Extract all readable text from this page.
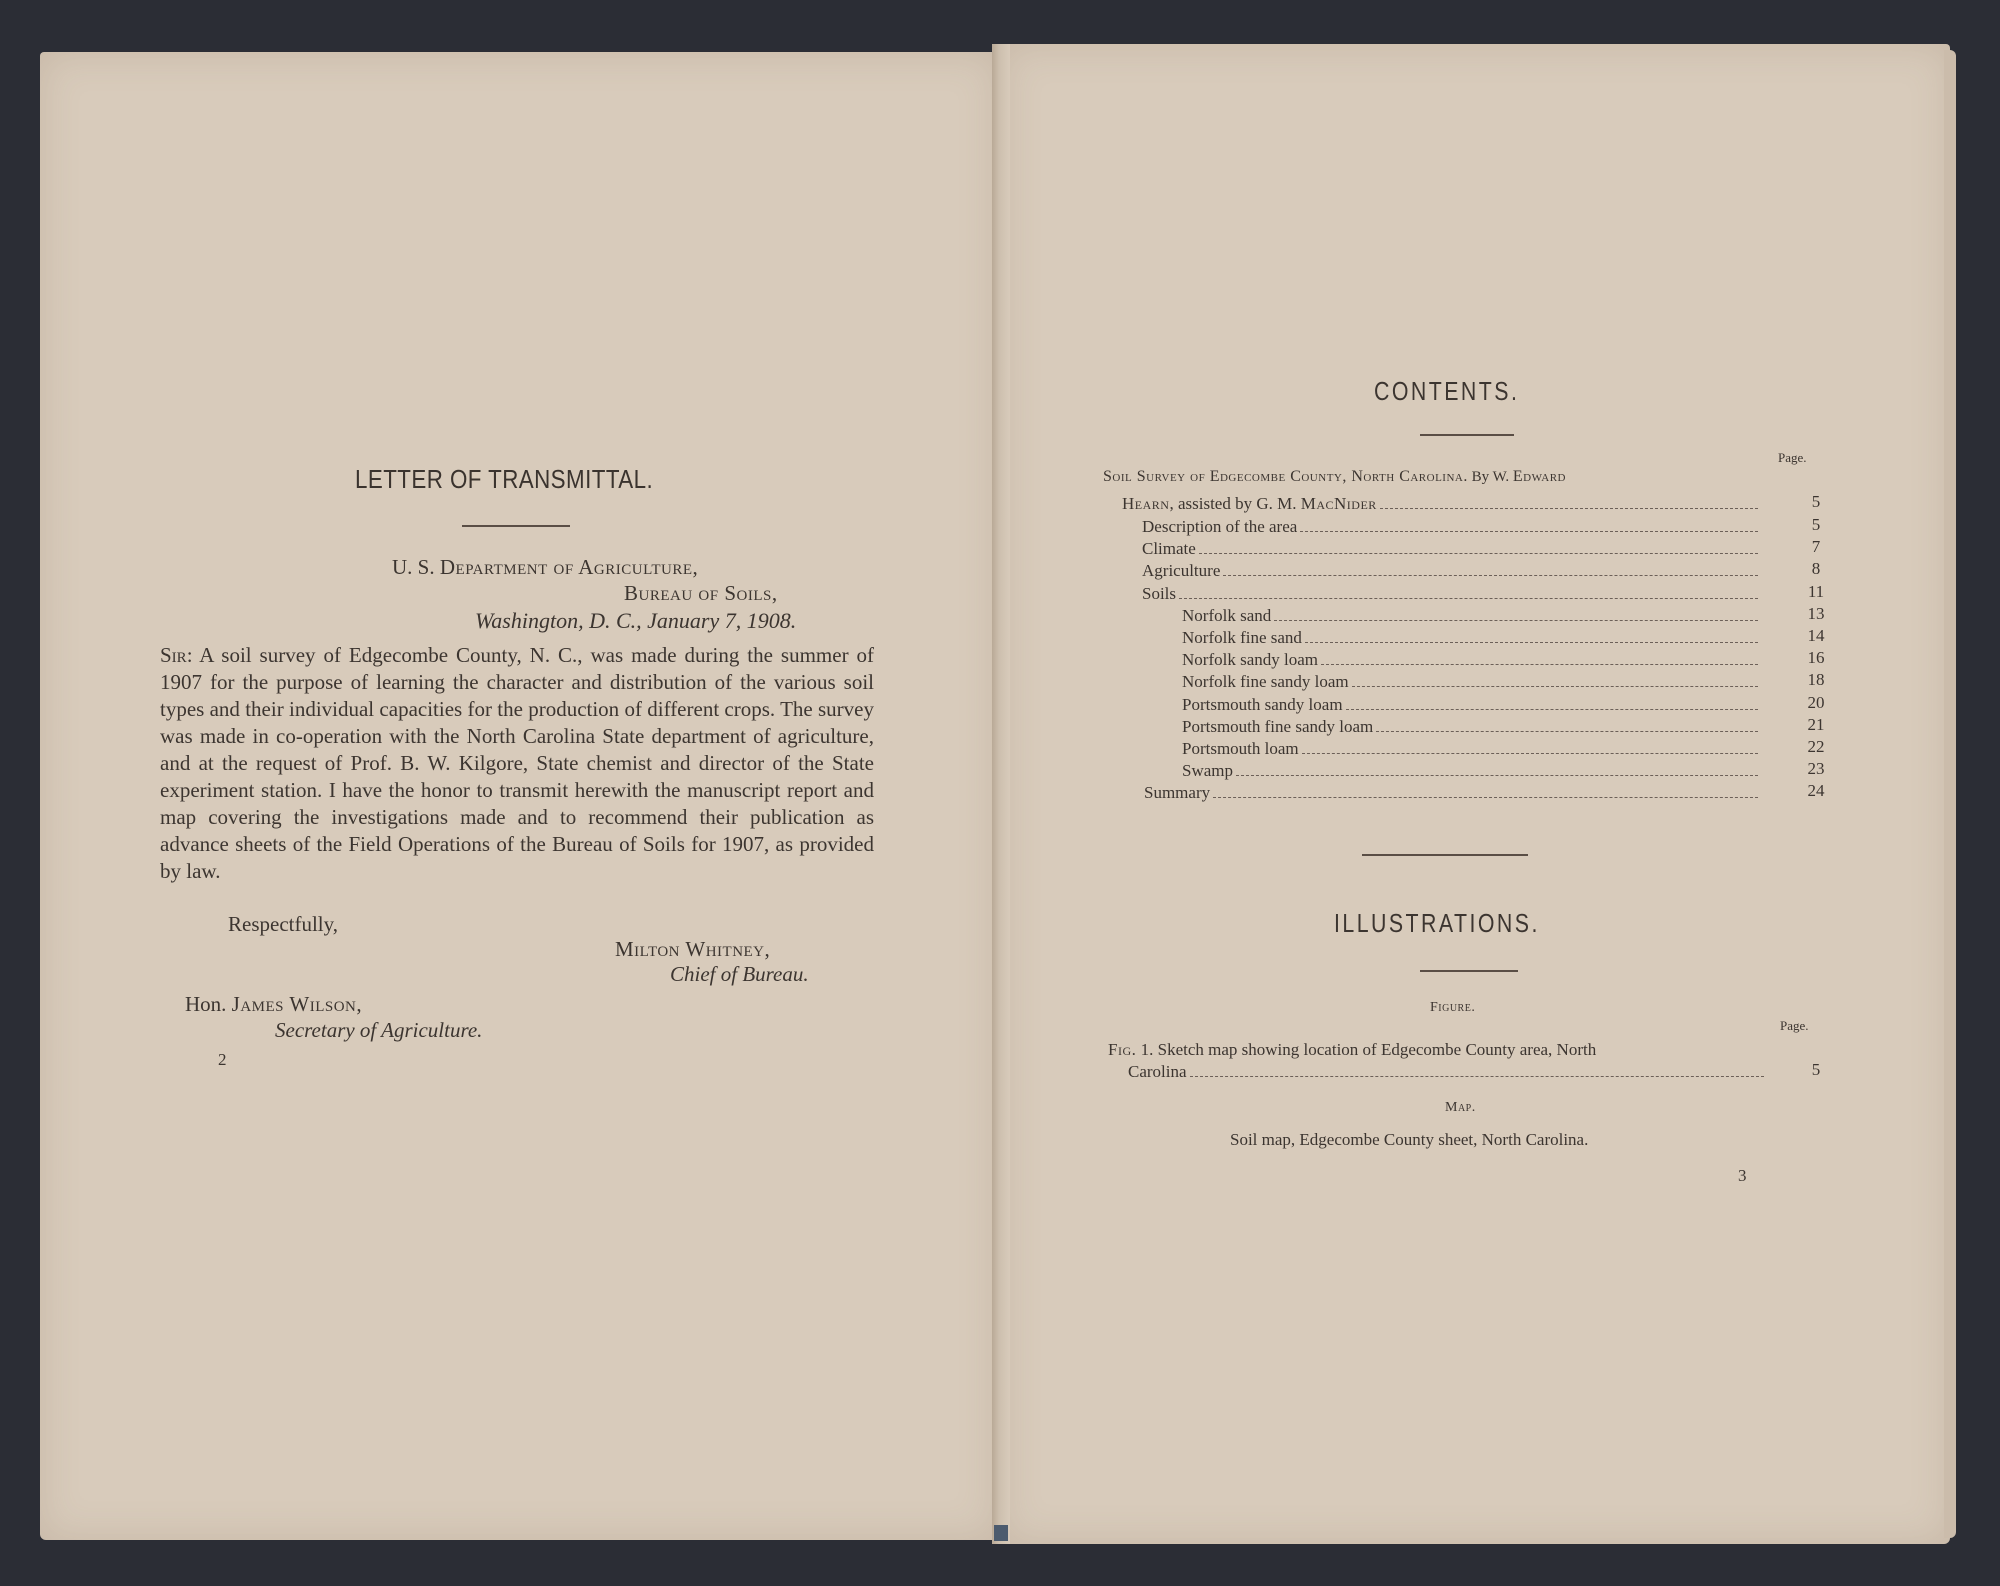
LETTER OF TRANSMITTAL.
U. S. Department of Agriculture,
Bureau of Soils,
Washington, D. C., January 7, 1908.
Sir: A soil survey of Edgecombe County, N. C., was made during the summer of 1907 for the purpose of learning the character and distribution of the various soil types and their individual capacities for the production of different crops. The survey was made in co-operation with the North Carolina State department of agriculture, and at the request of Prof. B. W. Kilgore, State chemist and director of the State experiment station. I have the honor to transmit herewith the manuscript report and map covering the investigations made and to recommend their publication as advance sheets of the Field Operations of the Bureau of Soils for 1907, as provided by law.
Respectfully,
Milton Whitney,
Chief of Bureau.
Hon. James Wilson,
Secretary of Agriculture.
2
CONTENTS.
Page.
Soil Survey of Edgecombe County, North Carolina. By W. Edward
Hearn, assisted by G. M. MacNider	5
Description of the area	5
Climate	7
Agriculture	8
Soils	11
Norfolk sand	13
Norfolk fine sand	14
Norfolk sandy loam	16
Norfolk fine sandy loam	18
Portsmouth sandy loam	20
Portsmouth fine sandy loam	21
Portsmouth loam	22
Swamp	23
Summary	24
ILLUSTRATIONS.
Figure.
Page.
Fig. 1. Sketch map showing location of Edgecombe County area, North
Carolina	5
Map.
Soil map, Edgecombe County sheet, North Carolina.
3
